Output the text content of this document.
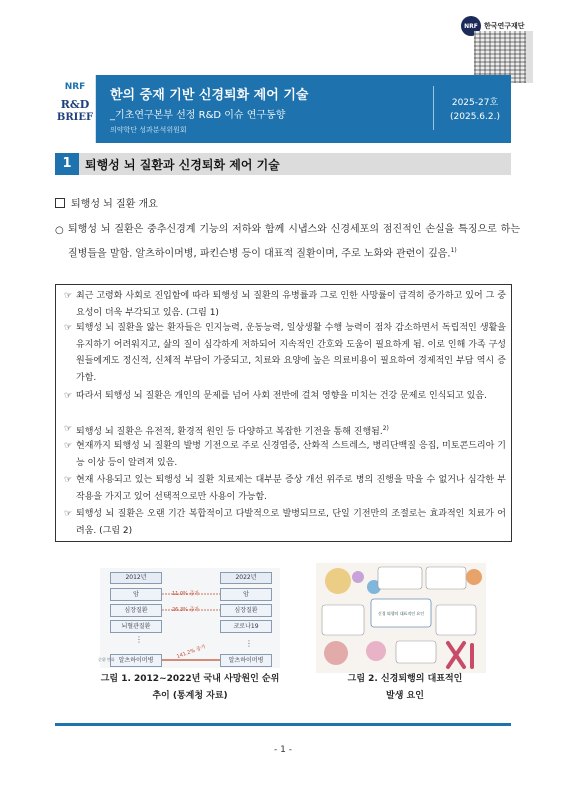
NRF 한국연구재단
NRF
R&D
BRIEF
한의 중재 기반 신경퇴화 제어 기술
_기초연구본부 선정 R&D 이슈 연구동향
의약학단 성과분석위원회
2025-27호
(2025.6.2.)
1	퇴행성 뇌 질환과 신경퇴화 제어 기술
퇴행성 뇌 질환 개요
○ 퇴행성 뇌 질환은 중추신경계 기능의 저하와 함께 시냅스와 신경세포의 점진적인 손실을 특징으로 하는 질병들을 말함. 알츠하이머병, 파킨슨병 등이 대표적 질환이며, 주로 노화와 관련이 깊음.$^{1)}$
☞ 최근 고령화 사회로 진입함에 따라 퇴행성 뇌 질환의 유병률과 그로 인한 사망률이 급격히 증가하고 있어 그 중요성이 더욱 부각되고 있음. (그림 1)
☞ 퇴행성 뇌 질환을 앓는 환자들은 인지능력, 운동능력, 일상생활 수행 능력이 점차 감소하면서 독립적인 생활을 유지하기 어려워지고, 삶의 질이 심각하게 저하되어 지속적인 간호와 도움이 필요하게 됨. 이로 인해 가족 구성원들에게도 정신적, 신체적 부담이 가중되고, 치료와 요양에 높은 의료비용이 필요하여 경제적인 부담 역시 증가함.
☞ 따라서 퇴행성 뇌 질환은 개인의 문제를 넘어 사회 전반에 걸쳐 영향을 미치는 건강 문제로 인식되고 있음.
☞ 퇴행성 뇌 질환은 유전적, 환경적 원인 등 다양하고 복잡한 기전을 통해 진행됨.$^{2)}$
☞ 현재까지 퇴행성 뇌 질환의 발병 기전으로 주로 신경염증, 산화적 스트레스, 병리단백질 응집, 미토콘드리아 기능 이상 등이 알려져 있음.
☞ 현재 사용되고 있는 퇴행성 뇌 질환 치료제는 대부분 증상 개선 위주로 병의 진행을 막을 수 없거나 심각한 부작용을 가지고 있어 선택적으로만 사용이 가능함.
☞ 퇴행성 뇌 질환은 오랜 기간 복합적이고 다발적으로 발병되므로, 단일 기전만의 조절로는 효과적인 치료가 어려움. (그림 2)
2012년	2022년
암
심장질환
뇌혈관질환
알츠하이머병
암
심장질환
코로나19
알츠하이머병
11.0% 증가
26.3% 증가
141.2% 증가
순위 변화
⋮	⋮
신경 퇴행의 대표적인 요인
그림 1. 2012~2022년 국내 사망원인 순위
추이 (통계청 자료)
그림 2. 신경퇴행의 대표적인
발생 요인
- 1 -
